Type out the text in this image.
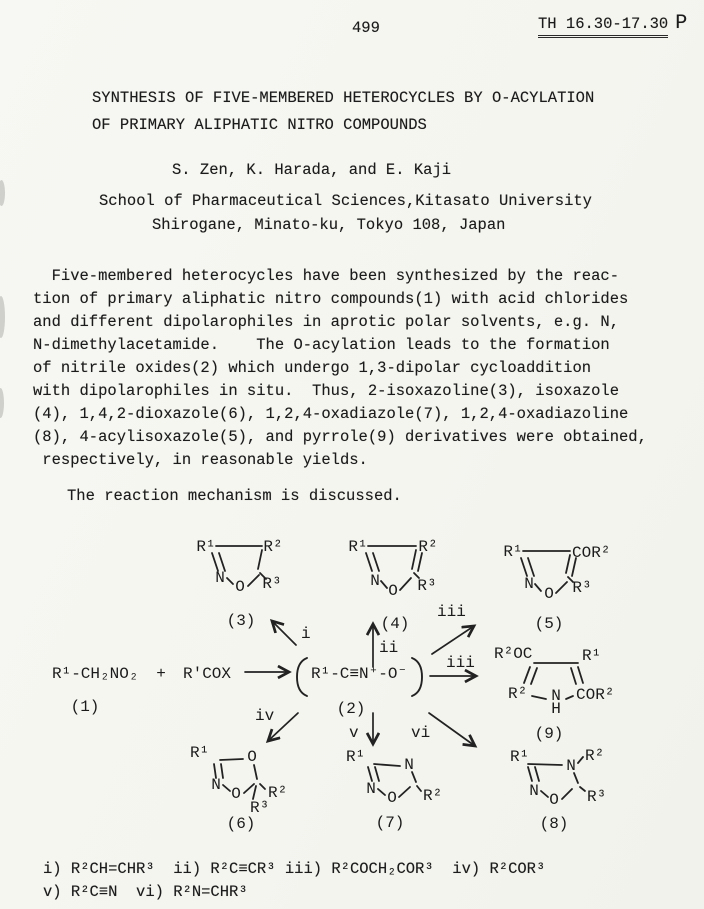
499	TH 16.30-17.30 P
SYNTHESIS OF FIVE-MEMBERED HETEROCYCLES BY O-ACYLATION
OF PRIMARY ALIPHATIC NITRO COMPOUNDS
S. Zen, K. Harada, and E. Kaji
School of Pharmaceutical Sciences,Kitasato University
Shirogane, Minato-ku, Tokyo 108, Japan
Five-membered heterocycles have been synthesized by the reac-
tion of primary aliphatic nitro compounds(1) with acid chlorides
and different dipolarophiles in aprotic polar solvents, e.g. N,
N-dimethylacetamide.    The O-acylation leads to the formation
of nitrile oxides(2) which undergo 1,3-dipolar cycloaddition
with dipolarophiles in situ.  Thus, 2-isoxazoline(3), isoxazole
(4), 1,4,2-dioxazole(6), 1,2,4-oxadiazole(7), 1,2,4-oxadiazoline
(8), 4-acylisoxazole(5), and pyrrole(9) derivatives were obtained,
respectively, in reasonable yields.
The reaction mechanism is discussed.
R¹	R²
N O R³
(3)
R¹	R²
N
O R³
(4)
R¹	COR²
N
O R³
(5)
R¹-CH₂NO₂ + R'COX	R¹-C≡N⁺-O⁻
(1)	(2)
i
ii
iii
iii
iv
v	vi
R²OC	R¹
R² N COR²
H
(9)
R¹ O
N O R²
R³
(6)
R¹ N
N O R²
(7)
R¹ N
R²
N O R³
(8)
i) R²CH=CHR³  ii) R²C≡CR³ iii) R²COCH₂COR³  iv) R²COR³
v) R²C≡N  vi) R²N=CHR³
